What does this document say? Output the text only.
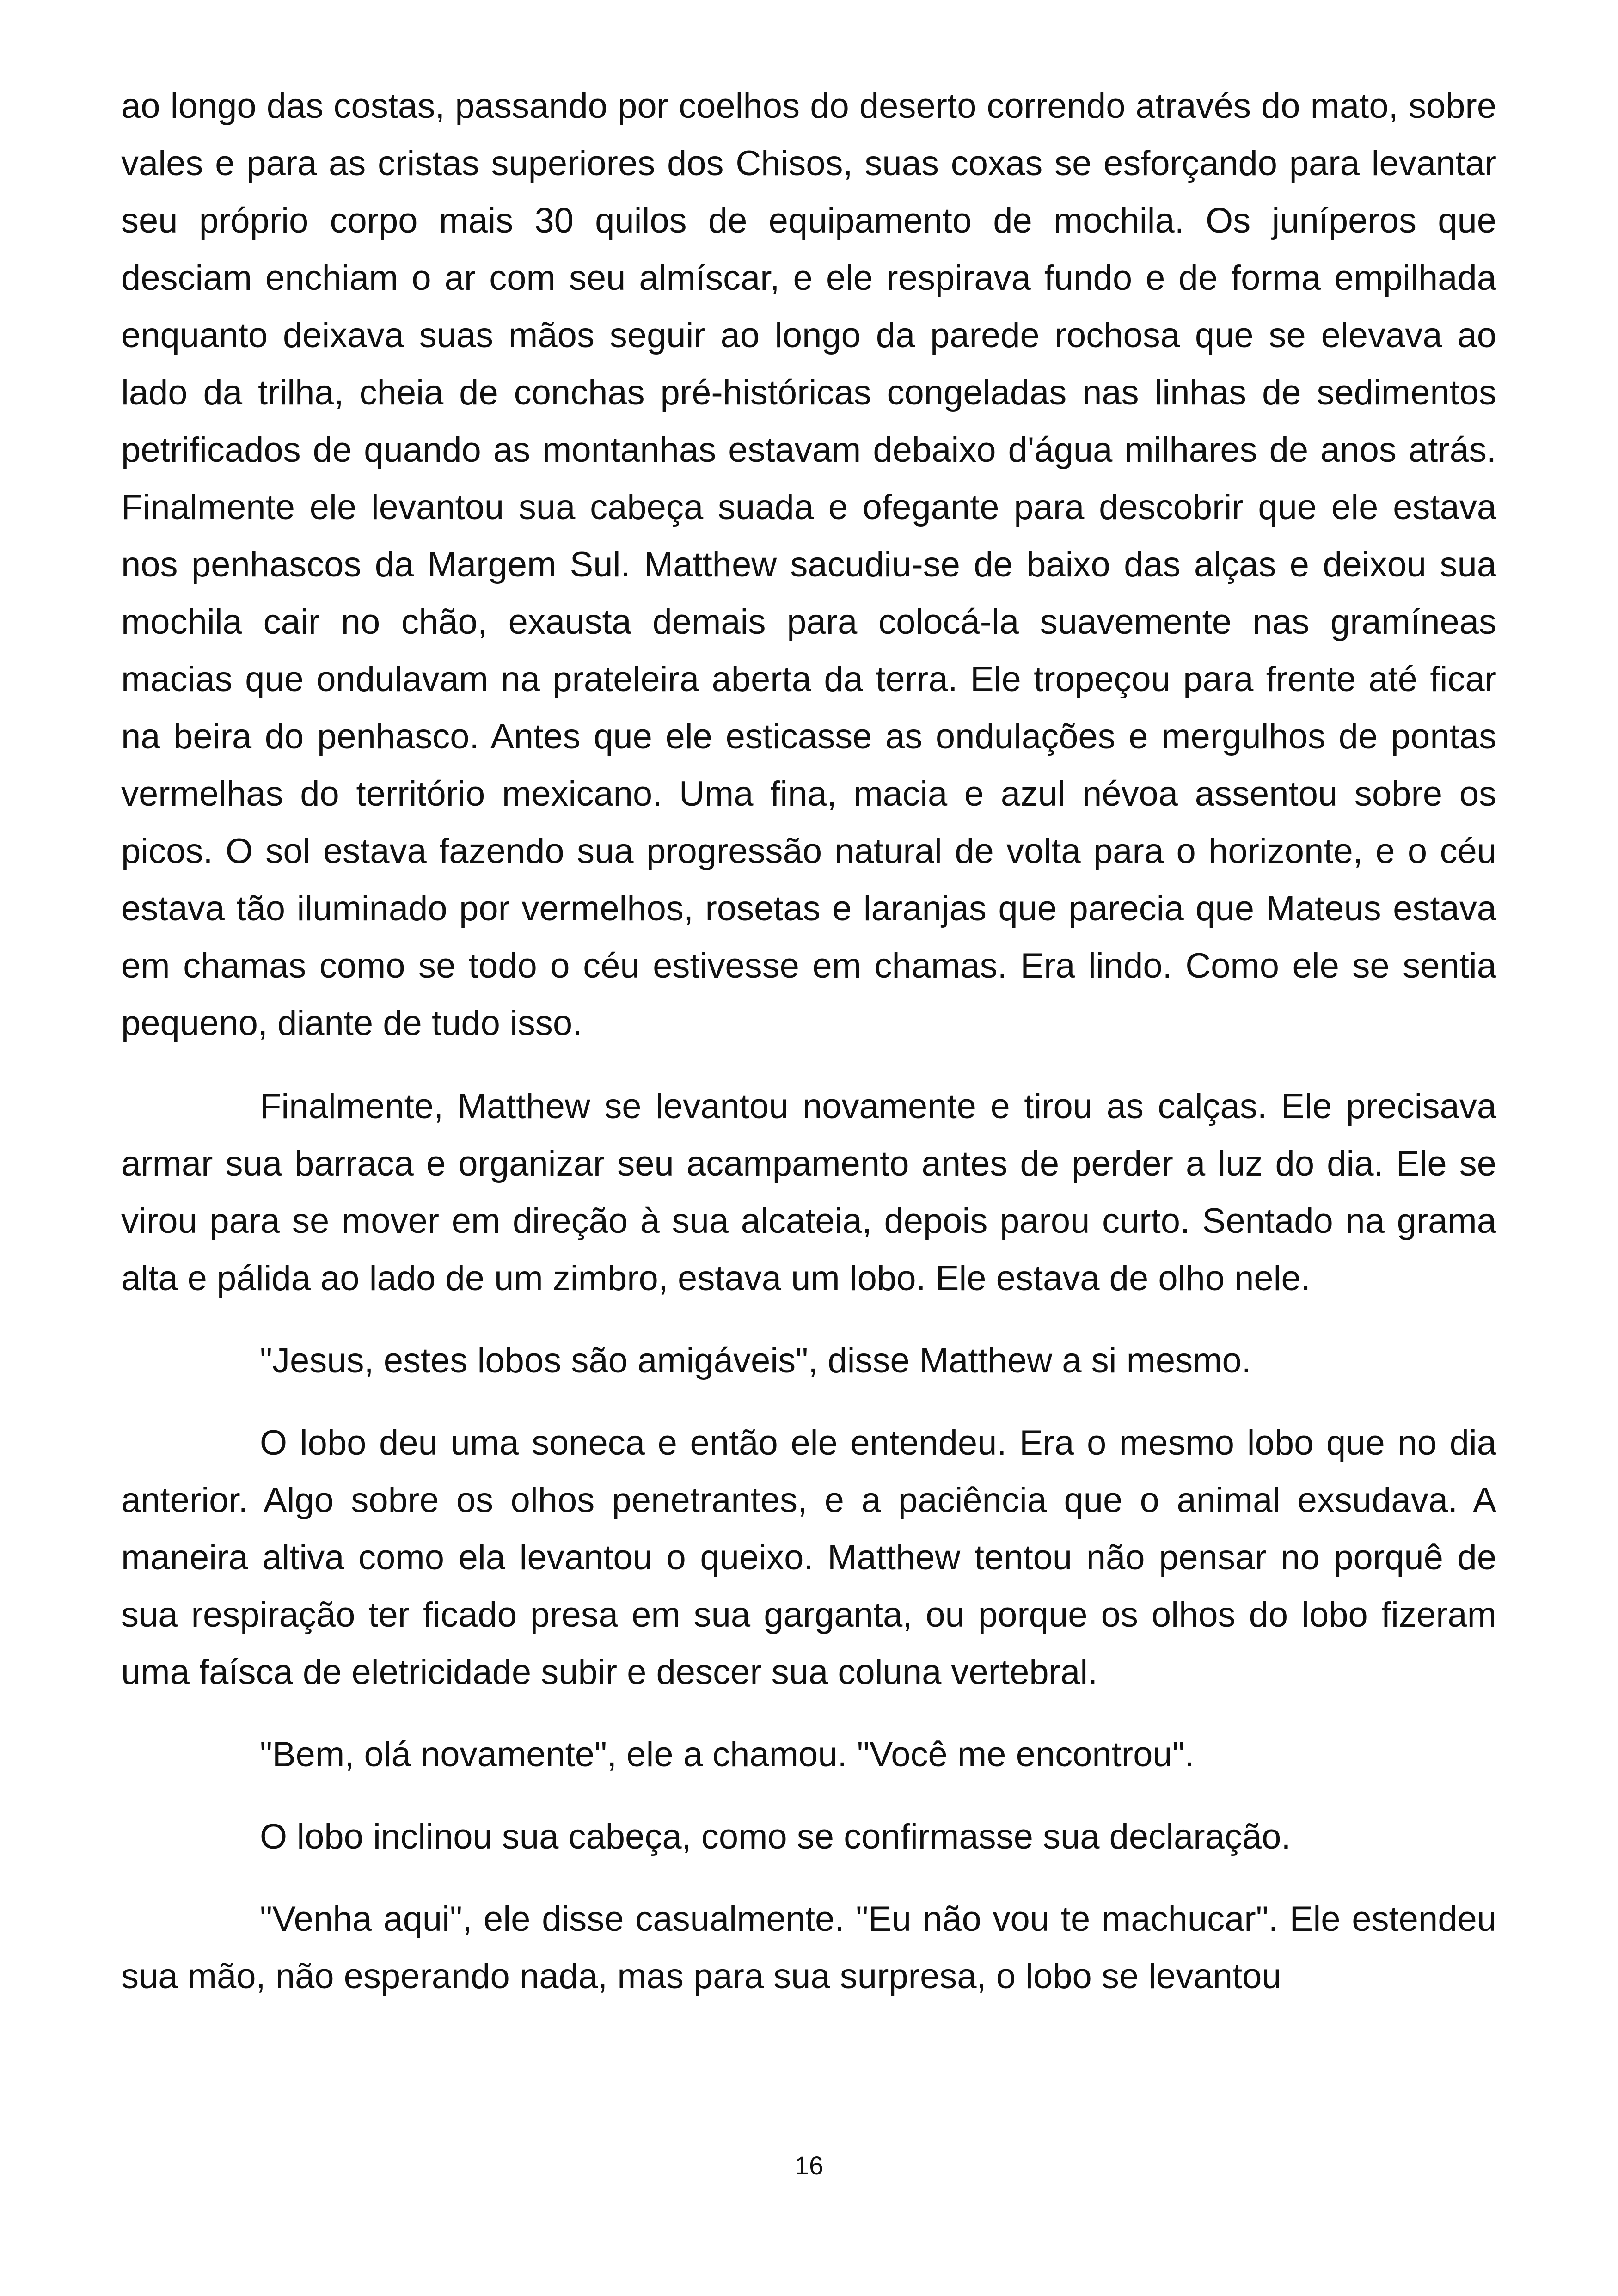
ao longo das costas, passando por coelhos do deserto correndo através do mato, sobre vales e para as cristas superiores dos Chisos, suas coxas se esforçando para levantar seu próprio corpo mais 30 quilos de equipamento de mochila. Os juníperos que desciam enchiam o ar com seu almíscar, e ele respirava fundo e de forma empilhada enquanto deixava suas mãos seguir ao longo da parede rochosa que se elevava ao lado da trilha, cheia de conchas pré-históricas congeladas nas linhas de sedimentos petrificados de quando as montanhas estavam debaixo d'água milhares de anos atrás. Finalmente ele levantou sua cabeça suada e ofegante para descobrir que ele estava nos penhascos da Margem Sul. Matthew sacudiu-se de baixo das alças e deixou sua mochila cair no chão, exausta demais para colocá-la suavemente nas gramíneas macias que ondulavam na prateleira aberta da terra. Ele tropeçou para frente até ficar na beira do penhasco. Antes que ele esticasse as ondulações e mergulhos de pontas vermelhas do território mexicano. Uma fina, macia e azul névoa assentou sobre os picos. O sol estava fazendo sua progressão natural de volta para o horizonte, e o céu estava tão iluminado por vermelhos, rosetas e laranjas que parecia que Mateus estava em chamas como se todo o céu estivesse em chamas. Era lindo. Como ele se sentia pequeno, diante de tudo isso.

Finalmente, Matthew se levantou novamente e tirou as calças. Ele precisava armar sua barraca e organizar seu acampamento antes de perder a luz do dia. Ele se virou para se mover em direção à sua alcateia, depois parou curto. Sentado na grama alta e pálida ao lado de um zimbro, estava um lobo. Ele estava de olho nele.

"Jesus, estes lobos são amigáveis", disse Matthew a si mesmo.

O lobo deu uma soneca e então ele entendeu. Era o mesmo lobo que no dia anterior. Algo sobre os olhos penetrantes, e a paciência que o animal exsudava. A maneira altiva como ela levantou o queixo. Matthew tentou não pensar no porquê de sua respiração ter ficado presa em sua garganta, ou porque os olhos do lobo fizeram uma faísca de eletricidade subir e descer sua coluna vertebral.

"Bem, olá novamente", ele a chamou. "Você me encontrou".

O lobo inclinou sua cabeça, como se confirmasse sua declaração.

"Venha aqui", ele disse casualmente. "Eu não vou te machucar". Ele estendeu sua mão, não esperando nada, mas para sua surpresa, o lobo se levantou

16
